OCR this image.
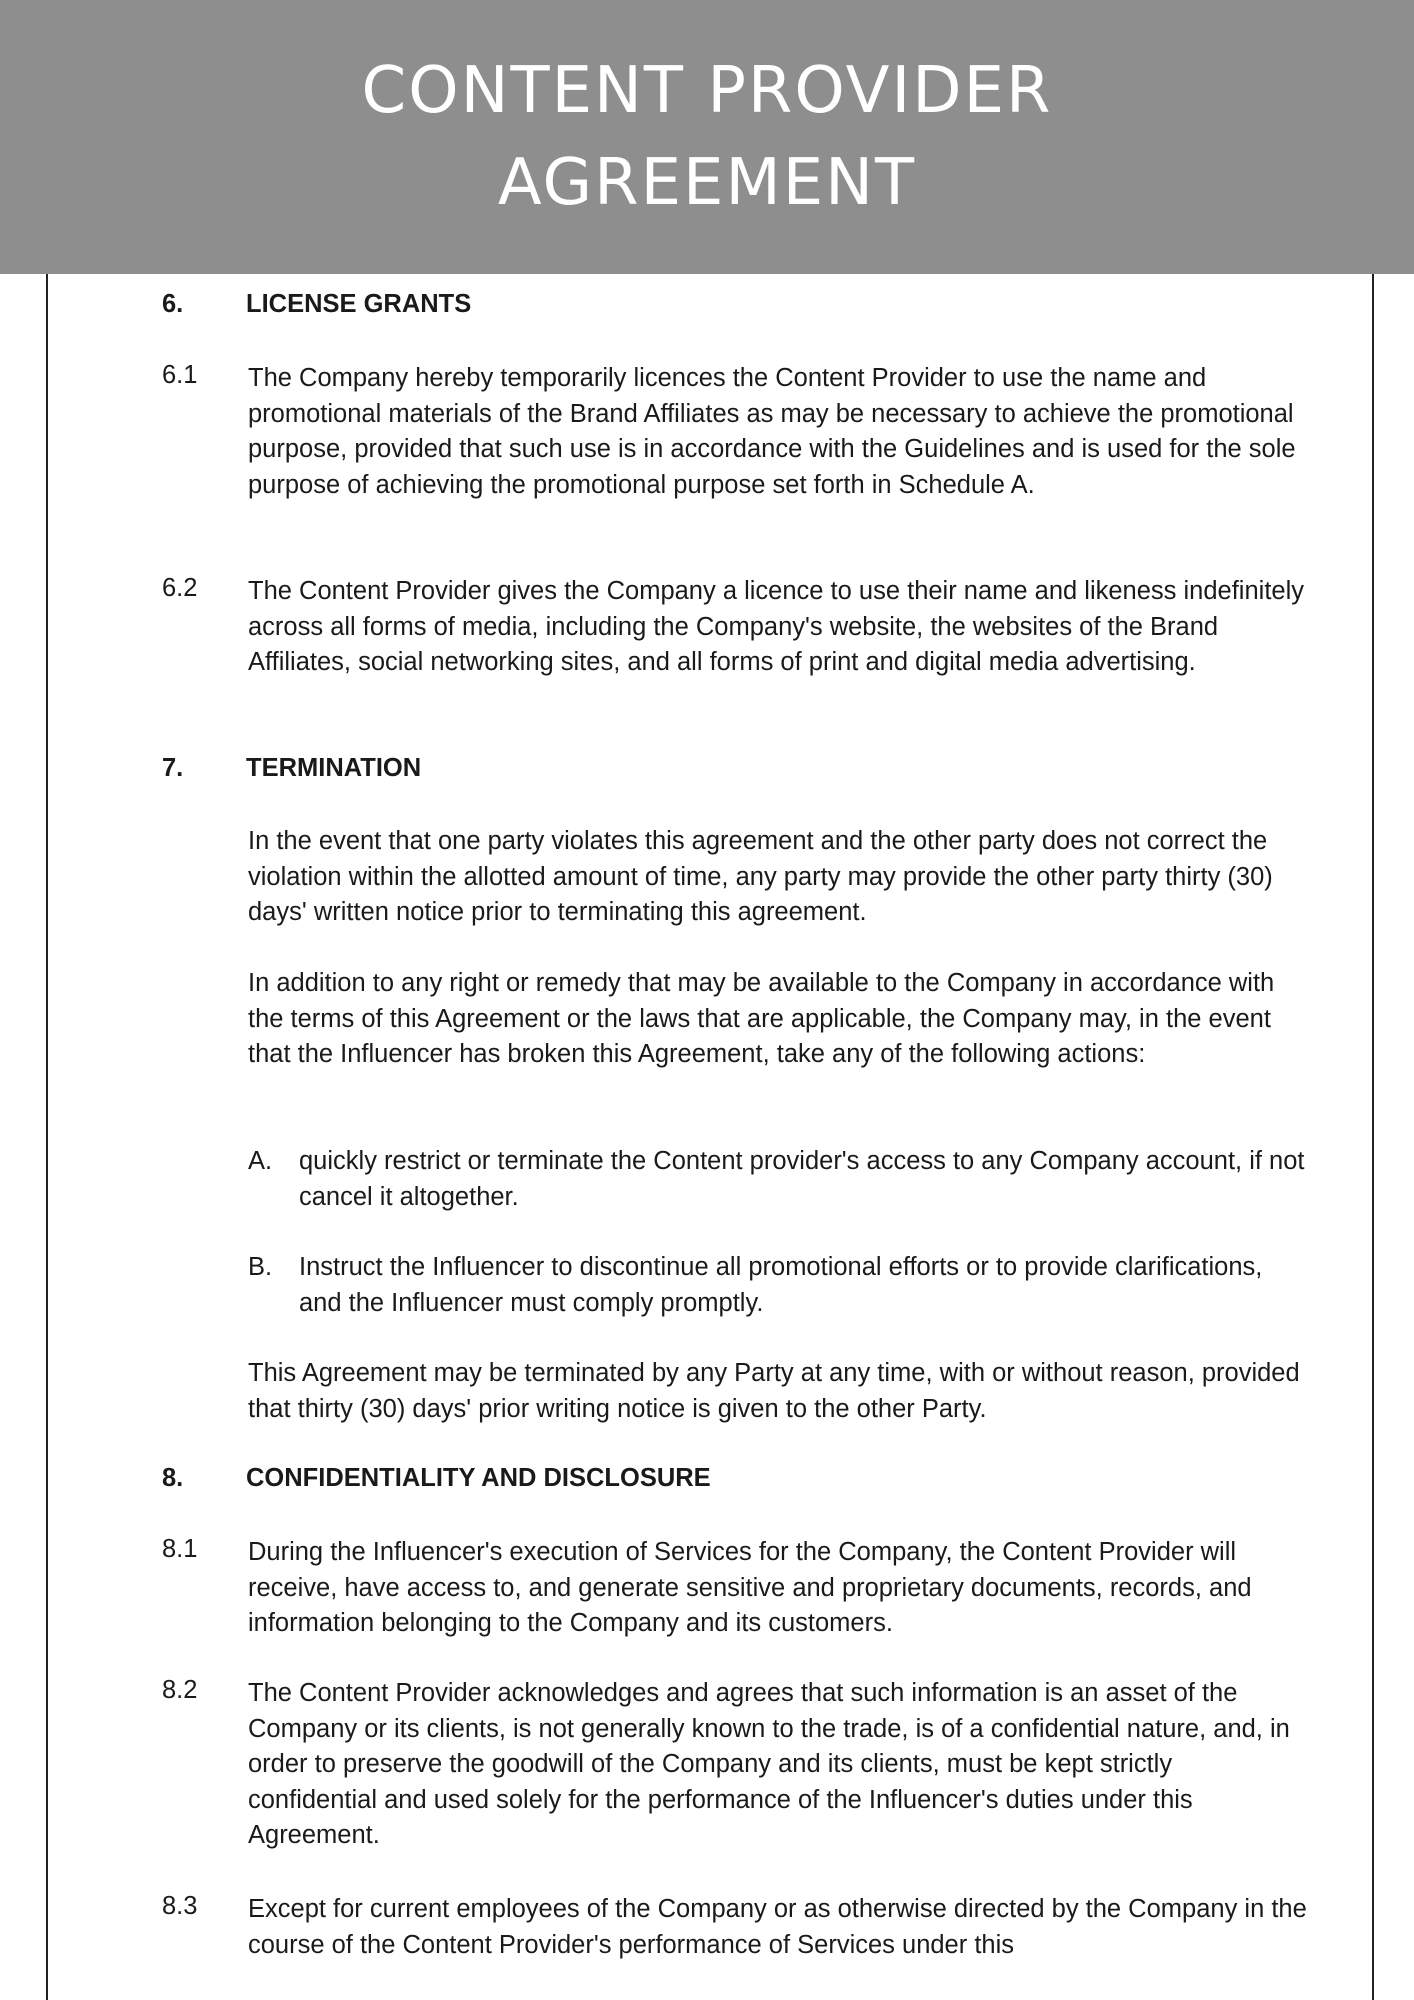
CONTENT PROVIDER
AGREEMENT
6.	LICENSE GRANTS
6.1 The Company hereby temporarily licences the Content Provider to use the name and promotional materials of the Brand Affiliates as may be necessary to achieve the promotional purpose, provided that such use is in accordance with the Guidelines and is used for the sole purpose of achieving the promotional purpose set forth in Schedule A.
6.2 The Content Provider gives the Company a licence to use their name and likeness indefinitely across all forms of media, including the Company's website, the websites of the Brand Affiliates, social networking sites, and all forms of print and digital media advertising.
7.	TERMINATION
In the event that one party violates this agreement and the other party does not correct the violation within the allotted amount of time, any party may provide the other party thirty (30) days' written notice prior to terminating this agreement.
In addition to any right or remedy that may be available to the Company in accordance with the terms of this Agreement or the laws that are applicable, the Company may, in the event that the Influencer has broken this Agreement, take any of the following actions:
A. quickly restrict or terminate the Content provider's access to any Company account, if not cancel it altogether.
B. Instruct the Influencer to discontinue all promotional efforts or to provide clarifications, and the Influencer must comply promptly.
This Agreement may be terminated by any Party at any time, with or without reason, provided that thirty (30) days' prior writing notice is given to the other Party.
8.	CONFIDENTIALITY AND DISCLOSURE
8.1 During the Influencer's execution of Services for the Company, the Content Provider will receive, have access to, and generate sensitive and proprietary documents, records, and information belonging to the Company and its customers.
8.2 The Content Provider acknowledges and agrees that such information is an asset of the Company or its clients, is not generally known to the trade, is of a confidential nature, and, in order to preserve the goodwill of the Company and its clients, must be kept strictly confidential and used solely for the performance of the Influencer's duties under this Agreement.
8.3 Except for current employees of the Company or as otherwise directed by the Company in the course of the Content Provider's performance of Services under this
